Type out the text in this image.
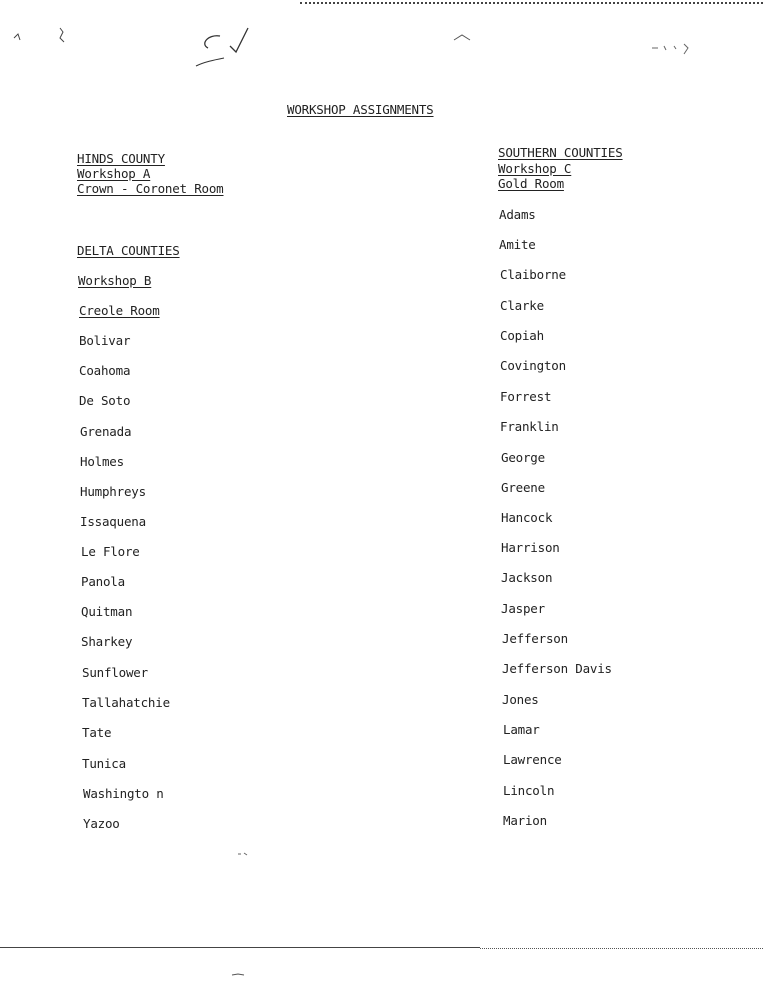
WORKSHOP ASSIGNMENTS
HINDS COUNTY
Workshop A
Crown - Coronet Room
DELTA COUNTIES
Workshop B
Creole Room
Bolivar
Coahoma
De Soto
Grenada
Holmes
Humphreys
Issaquena
Le Flore
Panola
Quitman
Sharkey
Sunflower
Tallahatchie
Tate
Tunica
Washingto n
Yazoo
SOUTHERN COUNTIES
Workshop C
Gold Room
Adams
Amite
Claiborne
Clarke
Copiah
Covington
Forrest
Franklin
George
Greene
Hancock
Harrison
Jackson
Jasper
Jefferson
Jefferson Davis
Jones
Lamar
Lawrence
Lincoln
Marion
